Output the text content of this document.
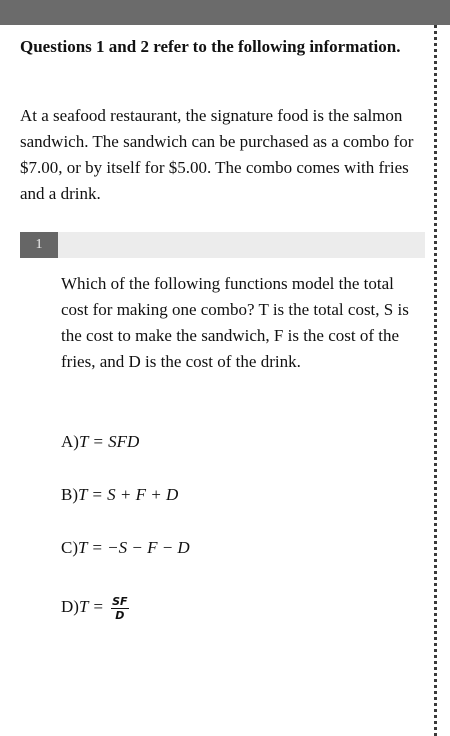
Questions 1 and 2 refer to the following information.
At a seafood restaurant, the signature food is the salmon sandwich. The sandwich can be purchased as a combo for $7.00, or by itself for $5.00. The combo comes with fries and a drink.
1
Which of the following functions model the total cost for making one combo? T is the total cost, S is the cost to make the sandwich, F is the cost of the fries, and D is the cost of the drink.
A)T = SFD
B)T = S + F + D
C)T = −S − F − D
$D)T = \frac{SF}{D}$
